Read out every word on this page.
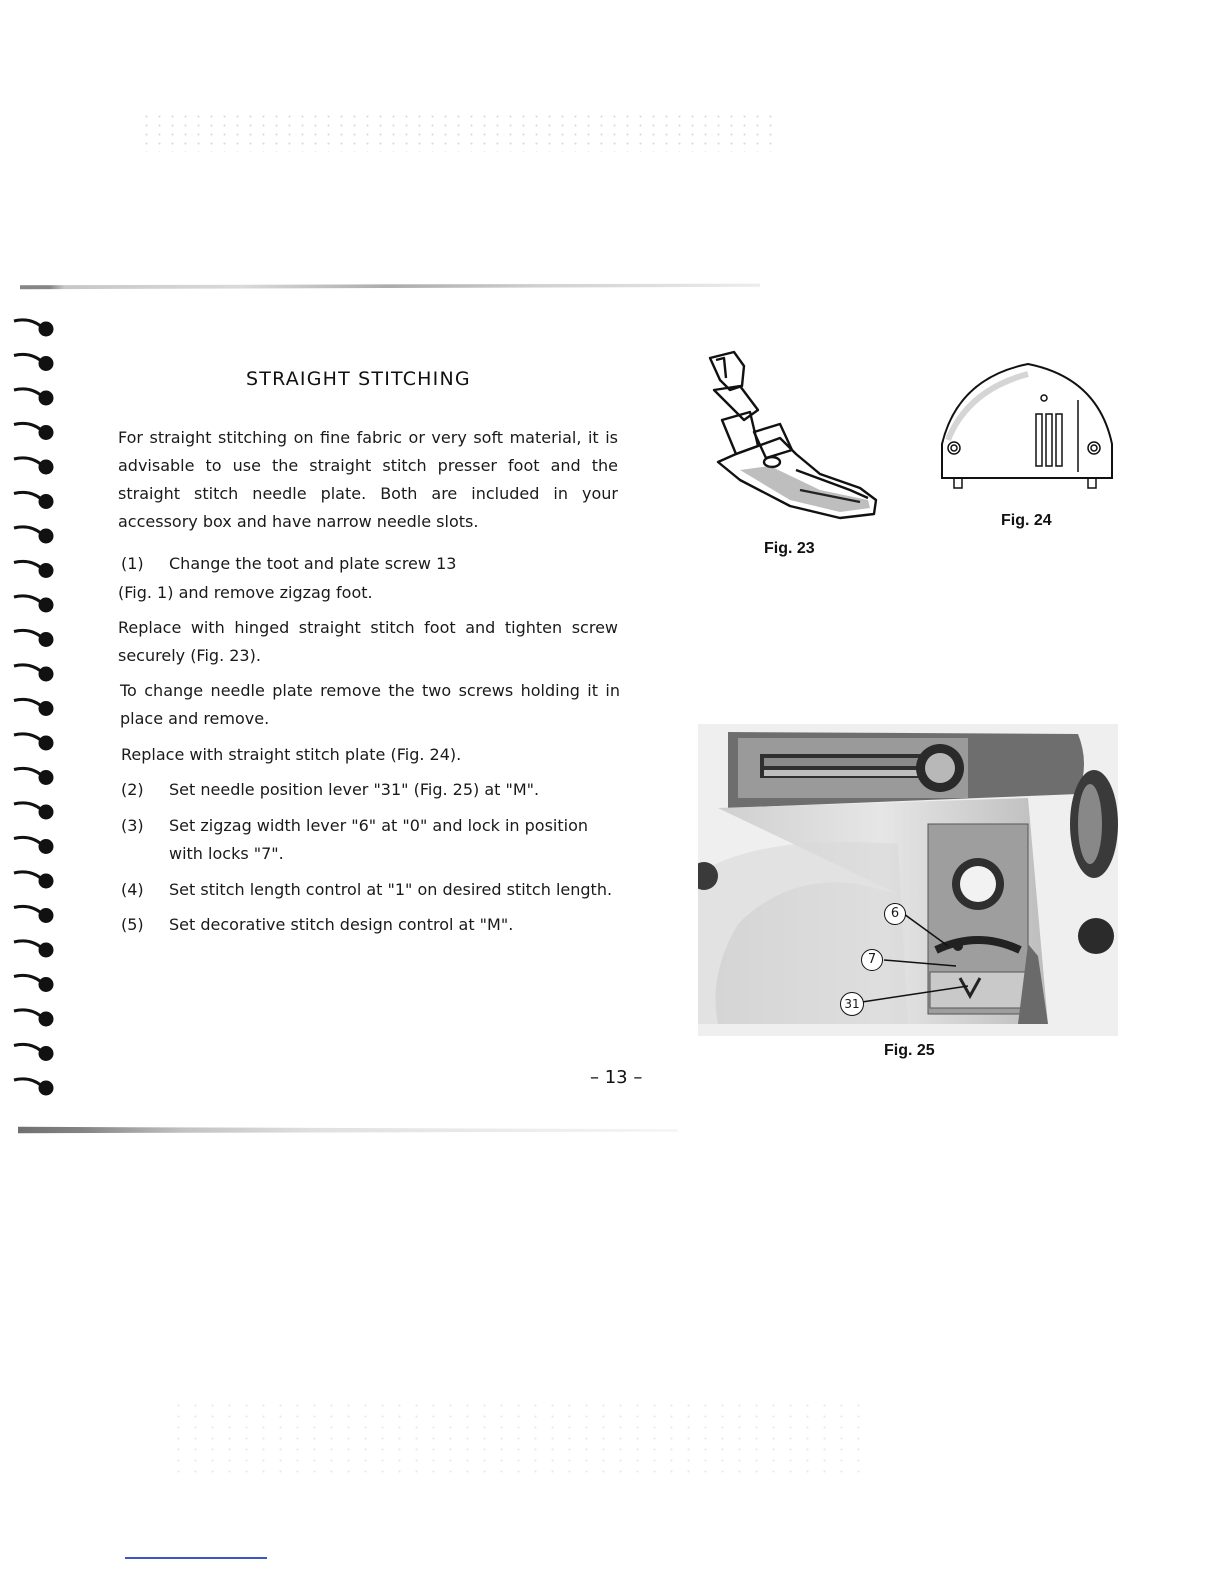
STRAIGHT STITCHING
For straight stitching on fine fabric or very soft material, it is advisable to use the straight stitch presser foot and the straight stitch needle plate. Both are included in your accessory box and have narrow needle slots.
(1) Change the toot and plate screw 13
(Fig. 1) and remove zigzag foot.
Replace with hinged straight stitch foot and tighten screw securely (Fig. 23).
To change needle plate remove the two screws holding it in place and remove.
Replace with straight stitch plate (Fig. 24).
(2) Set needle position lever "31" (Fig. 25) at "M".
(3) Set zigzag width lever "6" at "0" and lock in position with locks "7".
(4) Set stitch length control at "1" on desired stitch length.
(5) Set decorative stitch design control at "M".
Fig. 23
Fig. 24
6
7
31
Fig. 25
– 13 –
